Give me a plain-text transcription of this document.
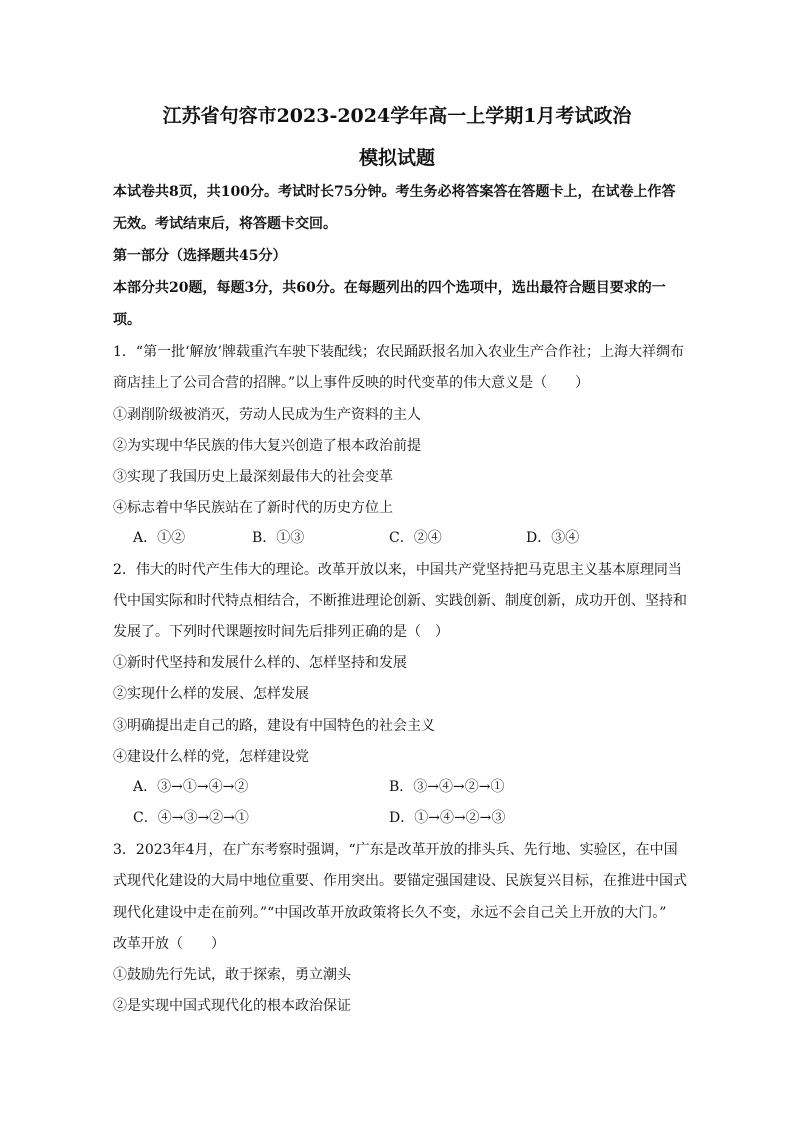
江苏省句容市2023-2024学年高一上学期1月考试政治
模拟试题
本试卷共8页，共100分。考试时长75分钟。考生务必将答案答在答题卡上，在试卷上作答
无效。考试结束后，将答题卡交回。
第一部分（选择题共45分）
本部分共20题，每题3分，共60分。在每题列出的四个选项中，选出最符合题目要求的一
项。
1．“第一批‘解放’牌载重汽车驶下装配线；农民踊跃报名加入农业生产合作社；上海大祥绸布
商店挂上了公司合营的招牌。”以上事件反映的时代变革的伟大意义是（　　）
①剥削阶级被消灭，劳动人民成为生产资料的主人
②为实现中华民族的伟大复兴创造了根本政治前提
③实现了我国历史上最深刻最伟大的社会变革
④标志着中华民族站在了新时代的历史方位上
A．①②	B．①③	C．②④	D．③④
2．伟大的时代产生伟大的理论。改革开放以来，中国共产党坚持把马克思主义基本原理同当
代中国实际和时代特点相结合，不断推进理论创新、实践创新、制度创新，成功开创、坚持和
发展了。下列时代课题按时间先后排列正确的是（　）
①新时代坚持和发展什么样的、怎样坚持和发展
②实现什么样的发展、怎样发展
③明确提出走自己的路，建设有中国特色的社会主义
④建设什么样的党，怎样建设党
A．③→①→④→②	B．③→④→②→①
C．④→③→②→①	D．①→④→②→③
3．2023年4月，在广东考察时强调，“广东是改革开放的排头兵、先行地、实验区，在中国
式现代化建设的大局中地位重要、作用突出。要锚定强国建设、民族复兴目标，在推进中国式
现代化建设中走在前列。”“中国改革开放政策将长久不变，永远不会自己关上开放的大门。”
改革开放（　　）
①鼓励先行先试，敢于探索，勇立潮头
②是实现中国式现代化的根本政治保证
